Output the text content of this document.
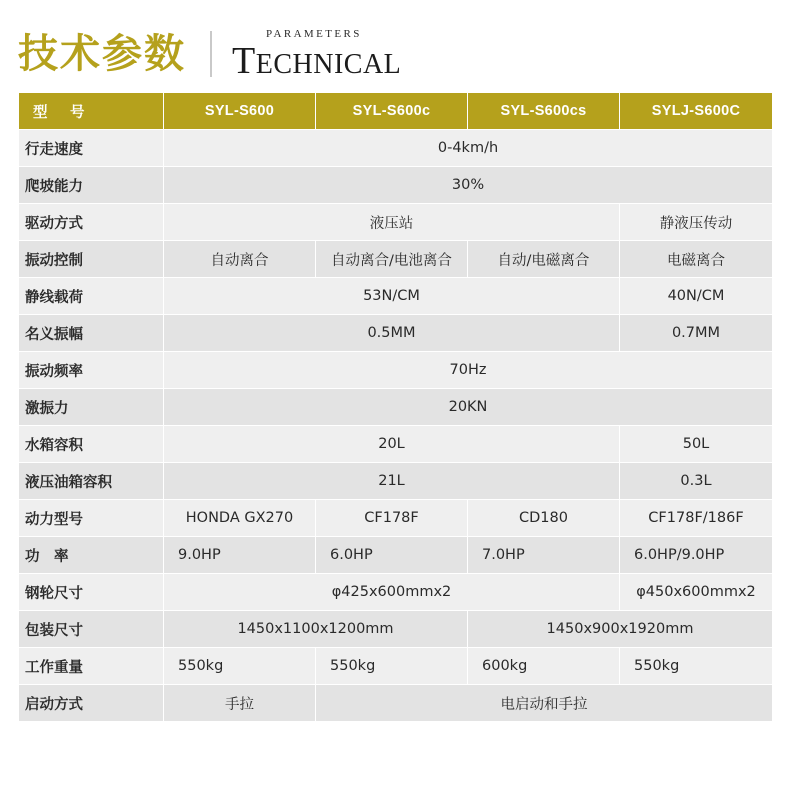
技术参数	PARAMETERS
TECHNICAL
型　号	SYL-S600	SYL-S600c	SYL-S600cs	SYLJ-S600C
行走速度	0-4km/h			
爬坡能力	30%			
驱动方式	液压站			静液压传动
振动控制	自动离合	自动离合/电池离合	自动/电磁离合	电磁离合
静线载荷	53N/CM			40N/CM
名义振幅	0.5MM			0.7MM
振动频率	70Hz			
激振力	20KN			
水箱容积	20L			50L
液压油箱容积	21L			0.3L
动力型号	HONDA GX270	CF178F	CD180	CF178F/186F
功　率	9.0HP	6.0HP	7.0HP	6.0HP/9.0HP
钢轮尺寸	φ425x600mmx2			φ450x600mmx2
包装尺寸	1450x1100x1200mm		1450x900x1920mm	
工作重量	550kg	550kg	600kg	550kg
启动方式	手拉	电启动和手拉		
